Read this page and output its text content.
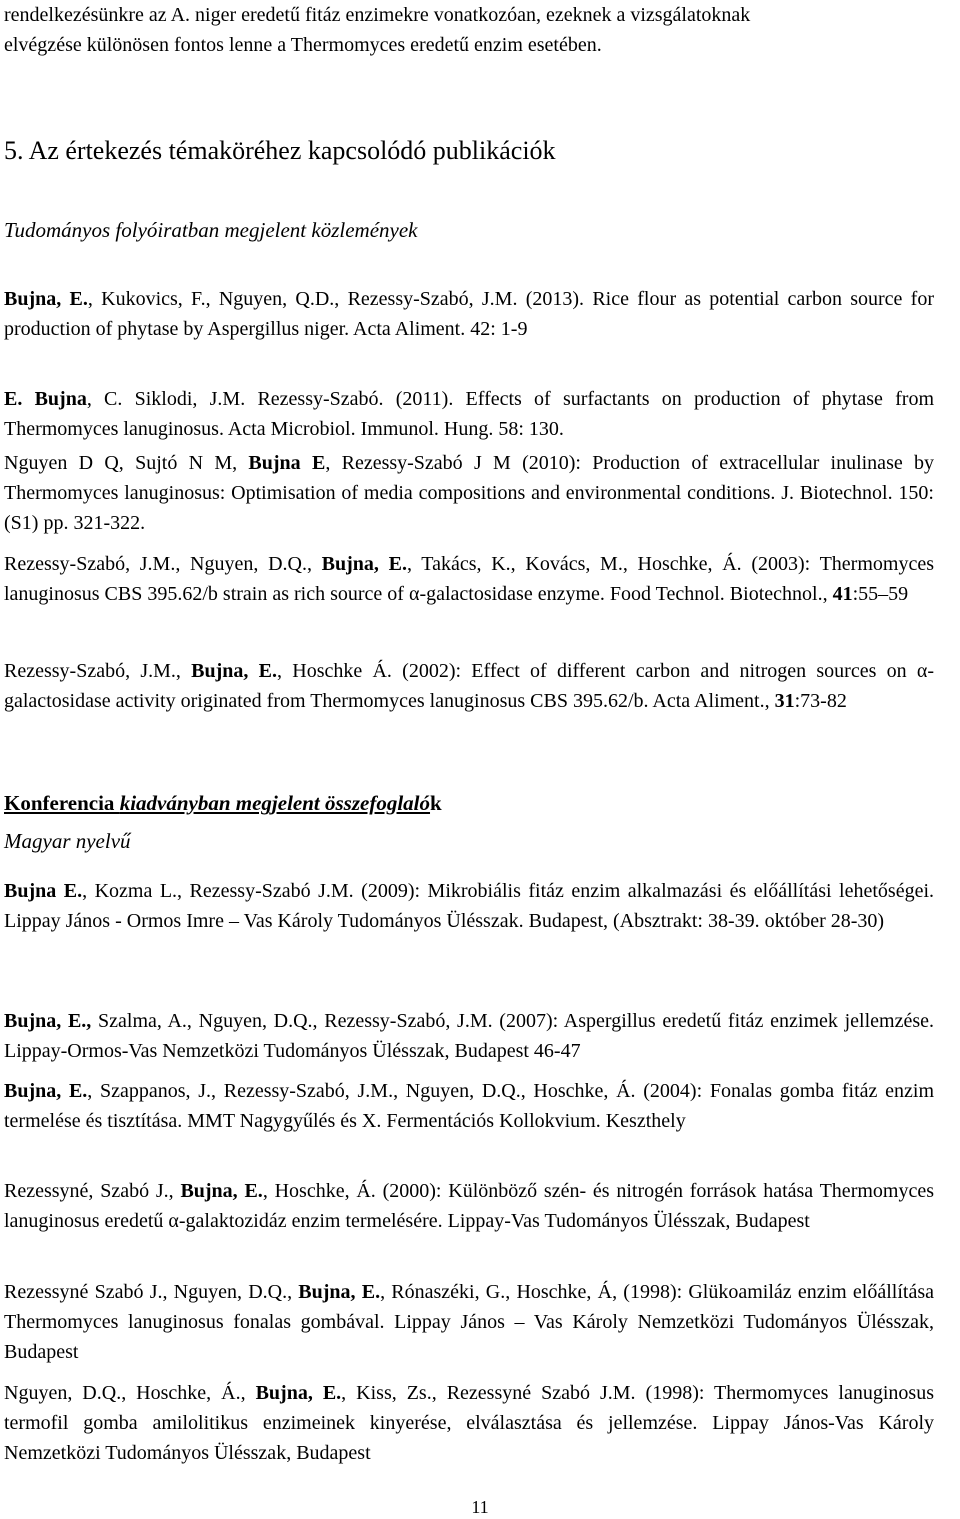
rendelkezésünkre az A. niger eredetű fitáz enzimekre vonatkozóan, ezeknek a vizsgálatoknak
elvégzése különösen fontos lenne a Thermomyces eredetű enzim esetében.
5. Az értekezés témaköréhez kapcsolódó publikációk
Tudományos folyóiratban megjelent közlemények
Bujna, E., Kukovics, F., Nguyen, Q.D., Rezessy-Szabó, J.M. (2013). Rice flour as potential carbon source for production of phytase by Aspergillus niger. Acta Aliment. 42: 1-9
E. Bujna, C. Siklodi, J.M. Rezessy-Szabó. (2011). Effects of surfactants on production of phytase from Thermomyces lanuginosus. Acta Microbiol. Immunol. Hung. 58: 130.
Nguyen D Q, Sujtó N M, Bujna E, Rezessy-Szabó J M (2010): Production of extracellular inulinase by Thermomyces lanuginosus: Optimisation of media compositions and environmental conditions. J. Biotechnol. 150: (S1) pp. 321-322.
Rezessy-Szabó, J.M., Nguyen, D.Q., Bujna, E., Takács, K., Kovács, M., Hoschke, Á. (2003): Thermomyces lanuginosus CBS 395.62/b strain as rich source of α-galactosidase enzyme. Food Technol. Biotechnol., 41:55–59
Rezessy-Szabó, J.M., Bujna, E., Hoschke Á. (2002): Effect of different carbon and nitrogen sources on α-galactosidase activity originated from Thermomyces lanuginosus CBS 395.62/b. Acta Aliment., 31:73-82
Konferencia kiadványban megjelent összefoglalók
Magyar nyelvű
Bujna E., Kozma L., Rezessy-Szabó J.M. (2009): Mikrobiális fitáz enzim alkalmazási és előállítási lehetőségei. Lippay János - Ormos Imre – Vas Károly Tudományos Ülésszak. Budapest, (Absztrakt: 38-39. október 28-30)
Bujna, E., Szalma, A., Nguyen, D.Q., Rezessy-Szabó, J.M. (2007): Aspergillus eredetű fitáz enzimek jellemzése. Lippay-Ormos-Vas Nemzetközi Tudományos Ülésszak, Budapest 46-47
Bujna, E., Szappanos, J., Rezessy-Szabó, J.M., Nguyen, D.Q., Hoschke, Á. (2004): Fonalas gomba fitáz enzim termelése és tisztítása. MMT Nagygyűlés és X. Fermentációs Kollokvium. Keszthely
Rezessyné, Szabó J., Bujna, E., Hoschke, Á. (2000): Különböző szén- és nitrogén források hatása Thermomyces lanuginosus eredetű α-galaktozidáz enzim termelésére. Lippay-Vas Tudományos Ülésszak, Budapest
Rezessyné Szabó J., Nguyen, D.Q., Bujna, E., Rónaszéki, G., Hoschke, Á, (1998): Glükoamiláz enzim előállítása Thermomyces lanuginosus fonalas gombával. Lippay János – Vas Károly Nemzetközi Tudományos Ülésszak, Budapest
Nguyen, D.Q., Hoschke, Á., Bujna, E., Kiss, Zs., Rezessyné Szabó J.M. (1998): Thermomyces lanuginosus termofil gomba amilolitikus enzimeinek kinyerése, elválasztása és jellemzése. Lippay János-Vas Károly Nemzetközi Tudományos Ülésszak, Budapest
11
